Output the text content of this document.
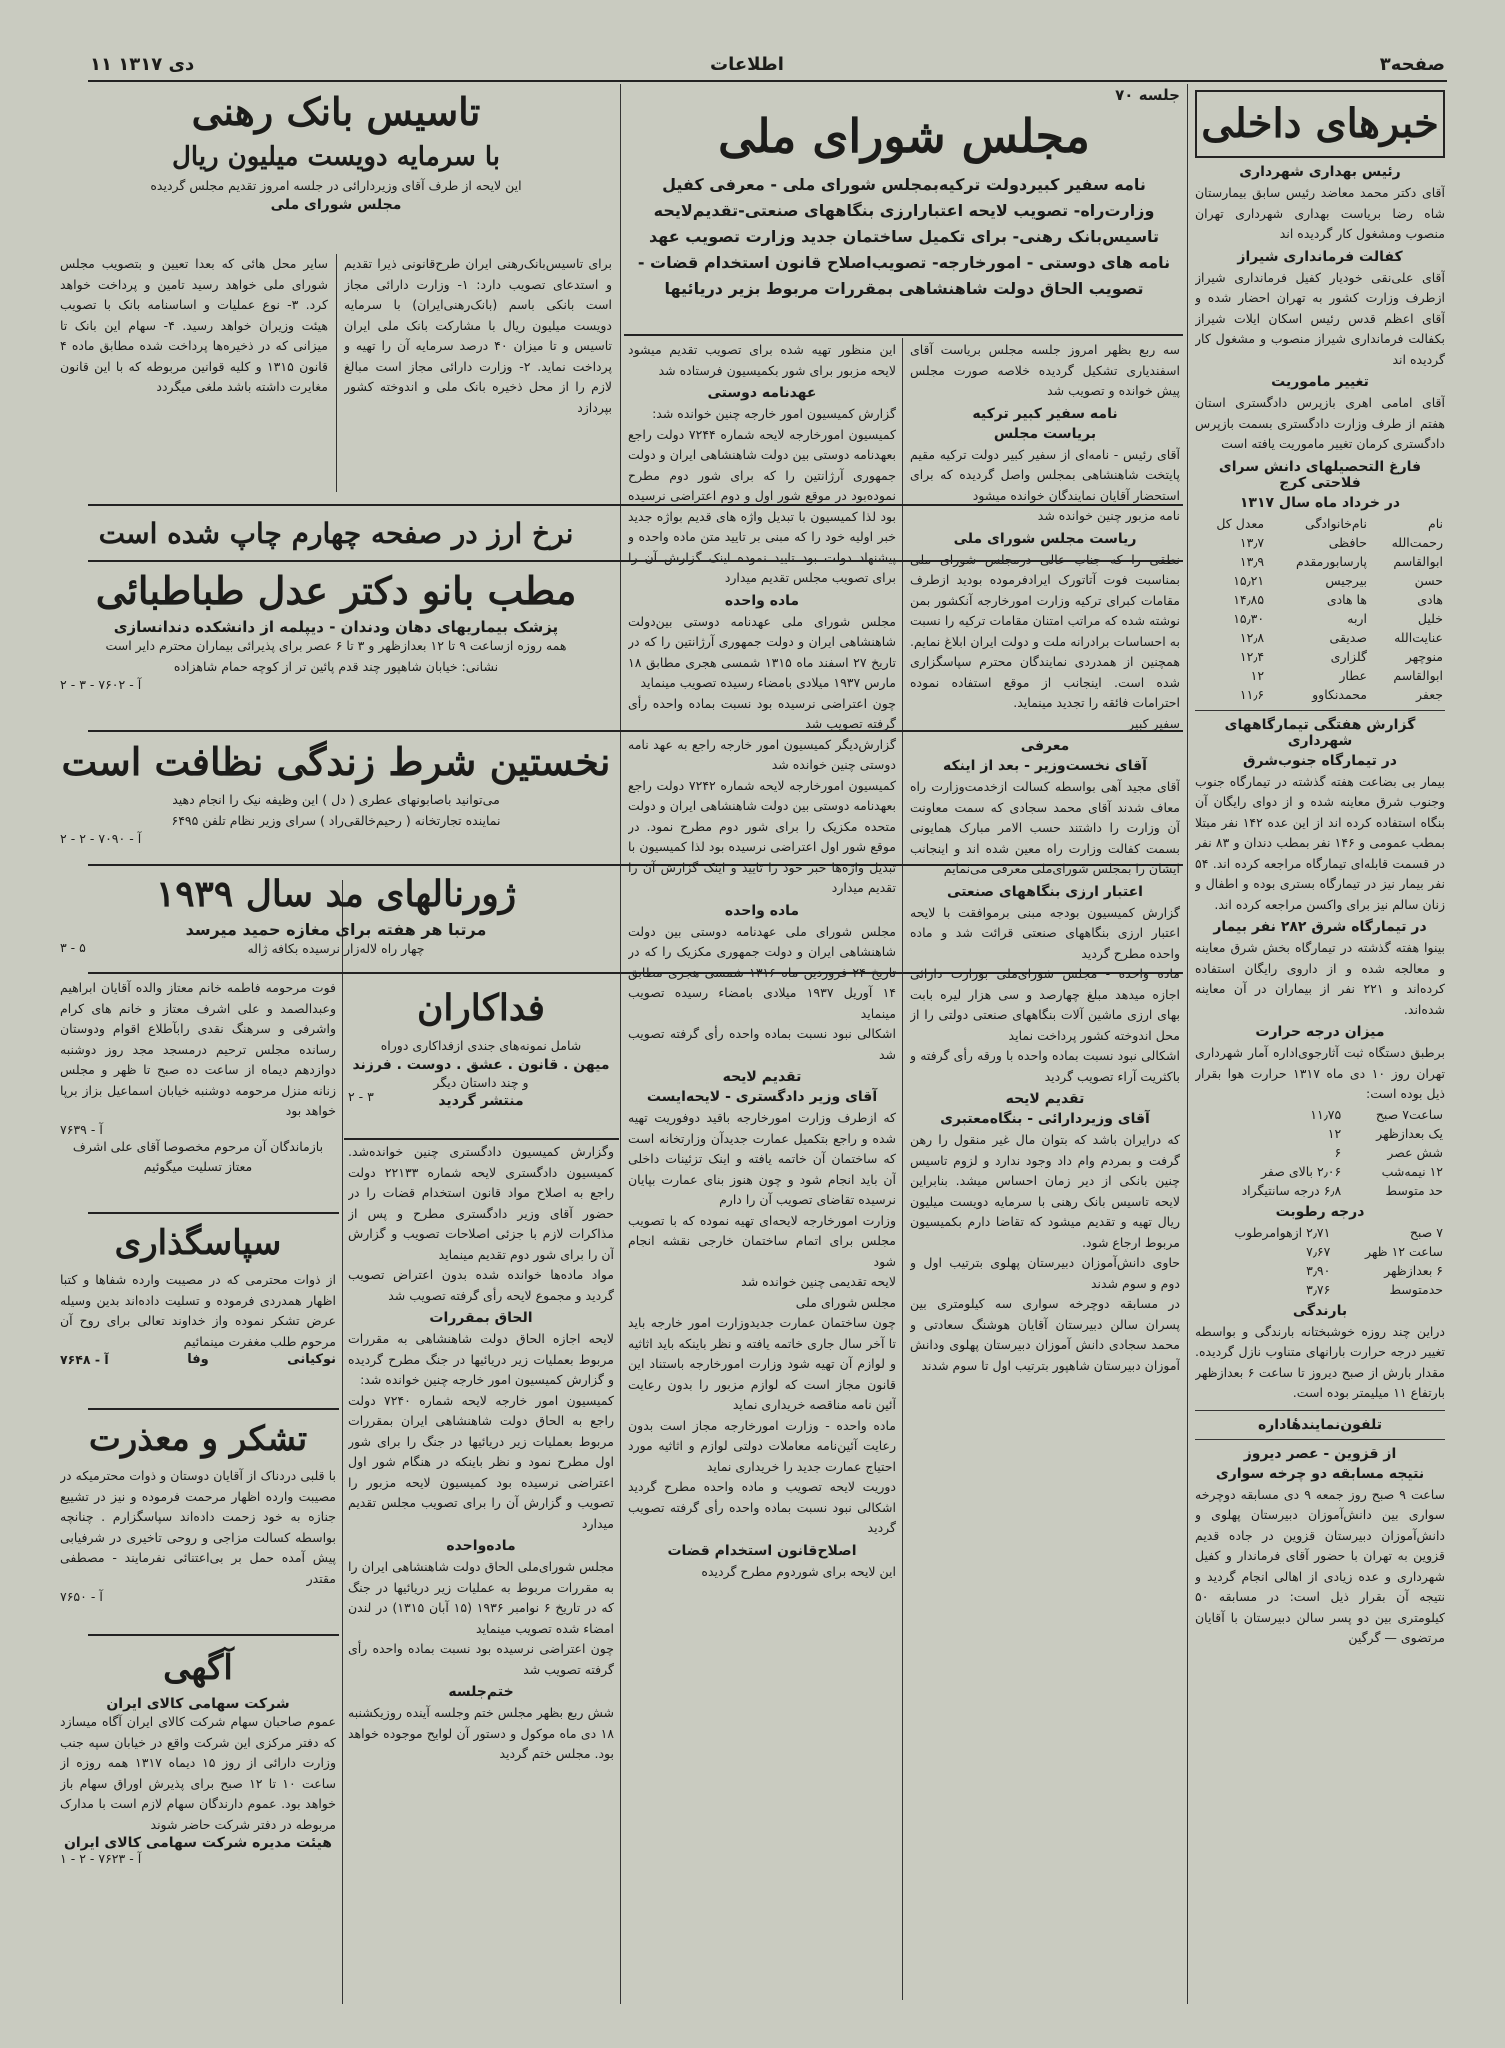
صفحه۳
اطلاعات
۱۱ دی ۱۳۱۷
خبرهای داخلی
رئیس بهداری شهرداری
آقای دکتر محمد معاضد رئیس سابق بیمارستان شاه رضا بریاست بهداری شهرداری تهران منصوب ومشغول کار گردیده اند
کفالت فرمانداری شیراز
آقای علی‌نقی خودیار کفیل فرمانداری شیراز ازطرف وزارت کشور به تهران احضار شده و آقای اعظم قدس رئیس اسکان ایلات شیراز بکفالت فرمانداری شیراز منصوب و مشغول کار گردیده اند
تغییر ماموریت
آقای امامی اهری بازپرس دادگستری استان هفتم از طرف وزارت دادگستری بسمت بازپرس دادگستری کرمان تغییر ماموریت یافته است
فارغ التحصیلهای دانش سرای فلاحتی کرج
در خرداد ماه سال ۱۳۱۷
نام	نام‌خانوادگی	معدل کل
رحمت‌الله	حافظی	۱۳٫۷
ابوالقاسم	پارسابورمقدم	۱۳٫۹
حسن	بیرجیس	۱۵٫۲۱
هادی	ها هادی	۱۴٫۸۵
خلیل	اربه	۱۵٫۳۰
عنایت‌الله	صدیقی	۱۲٫۸
منوچهر	گلزاری	۱۲٫۴
ابوالقاسم	عطار	۱۲
جعفر	محمدنکاوو	۱۱٫۶
گزارش هفتگی تیمارگاههای شهرداری
در تیمارگاه جنوب‌شرق
بیمار بی بضاعت هفته گذشته در تیمارگاه جنوب وجنوب شرق معاینه شده و از دوای رایگان آن بنگاه استفاده کرده اند از این عده ۱۴۲ نفر مبتلا بمطب عمومی و ۱۴۶ نفر بمطب دندان و ۸۳ نفر در قسمت قابله‌ای تیمارگاه مراجعه کرده اند. ۵۴ نفر بیمار نیز در تیمارگاه بستری بوده و اطفال و زنان سالم نیز برای واکسن مراجعه کرده اند.
در تیمارگاه شرق ۲۸۲ نفر بیمار
بینوا هفته گذشته در تیمارگاه بخش شرق معاینه و معالجه شده و از داروی رایگان استفاده کرده‌اند و ۲۲۱ نفر از بیماران در آن معاینه شده‌اند.
میزان درجه حرارت
برطبق دستگاه ثبت آثارجوی‌اداره آمار شهرداری تهران روز ۱۰ دی ماه ۱۳۱۷ حرارت هوا بقرار ذیل بوده است:
ساعت۷ صبح	۱۱٫۷۵
یک بعدازظهر	۱۲
شش عصر	۶
۱۲ نیمه‌شب	۲٫۰۶ بالای صفر
حد متوسط	۶٫۸ درجه سانتیگراد
درجه رطوبت
۷ صبح	۲٫۷۱ ازهوامرطوب
ساعت ۱۲ ظهر	۷٫۶۷
۶ بعدازظهر	۳٫۹۰
حدمتوسط	۳٫۷۶
بارندگی
دراین چند روزه خوشبختانه بارندگی و بواسطه تغییر درجه حرارت بارانهای متناوب نازل گردیده. مقدار بارش از صبح دیروز تا ساعت ۶ بعدازظهر بارتفاع ۱۱ میلیمتر بوده است.
تلفون‌نمایندهٔاداره
از قزوین - عصر دیروز
نتیجه مسابقه دو چرخه سواری
ساعت ۹ صبح روز جمعه ۹ دی مسابقه دوچرخه سواری بین دانش‌آموزان دبیرستان پهلوی و دانش‌آموزان دبیرستان قزوین در جاده قدیم قزوین به تهران با حضور آقای فرماندار و کفیل شهرداری و عده زیادی از اهالی انجام گردید و نتیجه آن بقرار ذیل است: در مسابقه ۵۰ کیلومتری بین دو پسر سالن دبیرستان با آقایان مرتضوی — گرگین
جلسه ۷۰
مجلس شورای ملی
نامه سفیر کبیردولت ترکیه‌بمجلس شورای ملی - معرفی کفیل وزارت‌راه- تصویب لایحه اعتبارارزی بنگاههای صنعتی-تقدیم‌لایحه تاسیس‌بانک رهنی- برای تکمیل ساختمان جدید وزارت تصویب عهد نامه های دوستی - امورخارجه- تصویب‌اصلاح قانون استخدام قضات - تصویب الحاق دولت شاهنشاهی بمقررات مربوط بزیر دریائیها
سه ربع بظهر امروز جلسه مجلس بریاست آقای اسفندیاری تشکیل گردیده خلاصه صورت مجلس پیش خوانده و تصویب شد
نامه سفیر کبیر ترکیه
بریاست مجلس
آقای رئیس - نامه‌ای از سفیر کبیر دولت ترکیه مقیم پایتخت شاهنشاهی بمجلس واصل گردیده که برای استحضار آقایان نمایندگان خوانده میشود
نامه مزبور چنین خوانده شد
ریاست مجلس شورای ملی
نطقی را که جناب عالی درمجلس شورای ملی بمناسبت فوت آتاتورک ایرادفرموده بودید ازطرف مقامات کبرای ترکیه وزارت امورخارجه آنکشور بمن نوشته شده که مراتب امتنان مقامات ترکیه را نسبت به احساسات برادرانه ملت و دولت ایران ابلاغ نمایم. همچنین از همدردی نمایندگان محترم سپاسگزاری شده است. اینجانب از موقع استفاده نموده احترامات فائقه را تجدید مینماید.
سفیر کبیر
معرفی
آقای نخست‌وزیر - بعد از اینکه
آقای مجید آهی بواسطه کسالت ازخدمت‌وزارت راه معاف شدند آقای محمد سجادی که سمت معاونت آن وزارت را داشتند حسب الامر مبارک همایونی بسمت کفالت وزارت راه معین شده اند و اینجانب ایشان را بمجلس شورای‌ملی معرفی می‌نمایم
اعتبار ارزی بنگاههای صنعتی
گزارش کمیسیون بودجه مبنی برموافقت با لایحه اعتبار ارزی بنگاههای صنعتی قرائت شد و ماده واحده مطرح گردید
ماده واحده - مجلس شورای‌ملی بوزارت دارائی اجازه میدهد مبلغ چهارصد و سی هزار لیره بابت بهای ارزی ماشین آلات بنگاههای صنعتی دولتی را از محل اندوخته کشور پرداخت نماید
اشکالی نبود نسبت بماده واحده با ورقه رأی گرفته و باکثریت آراء تصویب گردید
تقدیم لایحه
آقای وزیردارائی - بنگاه‌معتبری
که درایران باشد که بتوان مال غیر منقول را رهن گرفت و بمردم وام داد وجود ندارد و لزوم تاسیس چنین بانکی از دیر زمان احساس میشد. بنابراین لایحه تاسیس بانک رهنی با سرمایه دویست میلیون ریال تهیه و تقدیم میشود که تقاضا دارم بکمیسیون مربوط ارجاع شود.
حاوی دانش‌آموزان دبیرستان پهلوی بترتیب اول و دوم و سوم شدند
در مسابقه دوچرخه سواری سه کیلومتری بین پسران سالن دبیرستان آقایان هوشنگ سعادتی و محمد سجادی دانش آموزان دبیرستان پهلوی ودانش آموزان دبیرستان شاهپور بترتیب اول تا سوم شدند
این منظور تهیه شده برای تصویب تقدیم میشود لایحه مزبور برای شور بکمیسیون فرستاده شد
عهدنامه دوستی
گزارش کمیسیون امور خارجه چنین خوانده شد:
کمیسیون امورخارجه لایحه شماره ۷۲۴۴ دولت راجع بعهدنامه دوستی بین دولت شاهنشاهی ایران و دولت جمهوری آرژانتین را که برای شور دوم مطرح نموده‌بود در موقع شور اول و دوم اعتراضی نرسیده بود لذا کمیسیون با تبدیل واژه های قدیم بواژه جدید خبر اولیه خود را که مبنی بر تایید متن ماده واحده و پیشنهاد دولت بود تایید نموده اینک گزارش آن را برای تصویب مجلس تقدیم میدارد
ماده واحده
مجلس شورای ملی عهدنامه دوستی بین‌دولت شاهنشاهی ایران و دولت جمهوری آرژانتین را که در تاریخ ۲۷ اسفند ماه ۱۳۱۵ شمسی هجری مطابق ۱۸ مارس ۱۹۳۷ میلادی بامضاء رسیده تصویب مینماید
چون اعتراضی نرسیده بود نسبت بماده واحده رأی گرفته تصویب شد
گزارش‌دیگر کمیسیون امور خارجه راجع به عهد نامه دوستی چنین خوانده شد
کمیسیون امورخارجه لایحه شماره ۷۲۴۲ دولت راجع بعهدنامه دوستی بین دولت شاهنشاهی ایران و دولت متحده مکزیک را برای شور دوم مطرح نمود. در موقع شور اول اعتراضی نرسیده بود لذا کمیسیون با تبدیل واژه‌ها خبر خود را تایید و اینک گزارش آن را تقدیم میدارد
ماده واحده
مجلس شورای ملی عهدنامه دوستی بین دولت شاهنشاهی ایران و دولت جمهوری مکزیک را که در تاریخ ۲۴ فروردین ماه ۱۳۱۶ شمسی هجری مطابق ۱۴ آوریل ۱۹۳۷ میلادی بامضاء رسیده تصویب مینماید
اشکالی نبود نسبت بماده واحده رأی گرفته تصویب شد
تقدیم لایحه
آقای وزیر دادگستری - لایحه‌ایست
که ازطرف وزارت امورخارجه باقید دوفوریت تهیه شده و راجع بتکمیل عمارت جدیدآن وزارتخانه است که ساختمان آن خاتمه یافته و اینک تزئینات داخلی آن باید انجام شود و چون هنوز بنای عمارت بپایان نرسیده تقاضای تصویب آن را دارم
وزارت امورخارجه لایحه‌ای تهیه نموده که با تصویب مجلس برای اتمام ساختمان خارجی نقشه انجام شود
لایحه تقدیمی چنین خوانده شد
مجلس شورای ملی
چون ساختمان عمارت جدیدوزارت امور خارجه باید تا آخر سال جاری خاتمه یافته و نظر باینکه باید اثاثیه و لوازم آن تهیه شود وزارت امورخارجه باستناد این قانون مجاز است که لوازم مزبور را بدون رعایت آئین نامه مناقصه خریداری نماید
ماده واحده - وزارت امورخارجه مجاز است بدون رعایت آئین‌نامه معاملات دولتی لوازم و اثاثیه مورد احتیاج عمارت جدید را خریداری نماید
دوریت لایحه تصویب و ماده واحده مطرح گردید اشکالی نبود نسبت بماده واحده رأی گرفته تصویب گردید
اصلاح‌قانون استخدام قضات
این لایحه برای شوردوم مطرح گردیده
تاسیس بانک رهنی
با سرمایه دویست میلیون ریال
این لایحه از طرف آقای وزیردارائی در جلسه امروز تقدیم مجلس گردیده
مجلس شورای ملی
برای تاسیس‌بانک‌رهنی ایران طرح‌قانونی ذیرا تقدیم و استدعای تصویب دارد: ۱- وزارت دارائی مجاز است بانکی باسم (بانک‌رهنی‌ایران) با سرمایه دویست میلیون ریال با مشارکت بانک ملی ایران تاسیس و تا میزان ۴۰ درصد سرمایه آن را تهیه و پرداخت نماید. ۲- وزارت دارائی مجاز است مبالغ لازم را از محل ذخیره بانک ملی و اندوخته کشور بپردازد
سایر محل هائی که بعدا تعیین و بتصویب مجلس شورای ملی خواهد رسید تامین و پرداخت خواهد کرد. ۳- نوع عملیات و اساسنامه بانک با تصویب هیئت وزیران خواهد رسید. ۴- سهام این بانک تا میزانی که در ذخیره‌ها پرداخت شده مطابق ماده ۴ قانون ۱۳۱۵ و کلیه قوانین مربوطه که با این قانون مغایرت داشته باشد ملغی میگردد
نرخ ارز در صفحه چهارم چاپ شده است
مطب بانو دکتر عدل طباطبائی
پزشک بیماریهای دهان ودندان - دیپلمه از دانشکده دندانسازی
همه روزه ازساعت ۹ تا ۱۲ بعدازظهر و ۳ تا ۶ عصر برای پذیرائی بیماران محترم دایر است
نشانی: خیابان شاهپور چند قدم پائین تر از کوچه حمام شاهزاده
آ - ۷۶۰۲ - ۳ - ۲
نخستین شرط زندگی نظافت است
می‌توانید باصابونهای عطری ( دل ) این وظیفه نیک را انجام دهید
نماینده تجارتخانه ( رحیم‌خالقی‌راد ) سرای وزیر نظام تلفن ۶۴۹۵
آ - ۷۰۹۰ - ۲ - ۲
ژورنالهای مد سال ۱۹۳۹
مرتبا هر هفته برای مغازه حمید میرسد
چهار راه لاله‌زار نرسیده بکافه ژاله
۳ - ۵
فداکاران
شامل نمونه‌های جندی ازفداکاری دوراه
میهن . قانون . عشق . دوست . فرزند
و چند داستان دیگر
منتشر گردید
۲ - ۳
وگزارش کمیسیون دادگستری چنین خوانده‌شد. کمیسیون دادگستری لایحه شماره ۲۲۱۳۳ دولت راجع به اصلاح مواد قانون استخدام قضات را در حضور آقای وزیر دادگستری مطرح و پس از مذاکرات لازم با جزئی اصلاحات تصویب و گزارش آن را برای شور دوم تقدیم مینماید
مواد ماده‌ها خوانده شده بدون اعتراض تصویب گردید و مجموع لایحه رأی گرفته تصویب شد
الحاق بمقررات
لایحه اجازه الحاق دولت شاهنشاهی به مقررات مربوط بعملیات زیر دریائیها در جنگ مطرح گردیده و گزارش کمیسیون امور خارجه چنین خوانده شد:
کمیسیون امور خارجه لایحه شماره ۷۲۴۰ دولت راجع به الحاق دولت شاهنشاهی ایران بمقررات مربوط بعملیات زیر دریائیها در جنگ را برای شور اول مطرح نمود و نظر باینکه در هنگام شور اول اعتراضی نرسیده بود کمیسیون لایحه مزبور را تصویب و گزارش آن را برای تصویب مجلس تقدیم میدارد
ماده‌واحده
مجلس شورای‌ملی الحاق دولت شاهنشاهی ایران را به مقررات مربوط به عملیات زیر دریائیها در جنگ که در تاریخ ۶ نوامبر ۱۹۳۶ (۱۵ آبان ۱۳۱۵) در لندن امضاء شده تصویب مینماید
چون اعتراضی نرسیده بود نسبت بماده واحده رأی گرفته تصویب شد
ختم‌جلسه
شش ربع بظهر مجلس ختم وجلسه آینده روزیکشنبه ۱۸ دی ماه موکول و دستور آن لوایح موجوده خواهد بود. مجلس ختم گردید
فوت مرحومه فاطمه خانم معتاز والده آقایان ابراهیم وعبدالصمد و علی اشرف معتاز و خانم های کرام واشرفی و سرهنگ نقدی رابآطلاع اقوام ودوستان رسانده مجلس ترحیم درمسجد مجد روز دوشنبه دوازدهم دیماه از ساعت ده صبح تا ظهر و مجلس زنانه منزل مرحومه دوشنبه خیابان اسماعیل بزاز برپا خواهد بود
آ - ۷۶۳۹
بازماندگان آن مرحوم مخصوصا آقای علی اشرف معتاز تسلیت میگوئیم
سپاسگذاری
از ذوات محترمی که در مصیبت وارده شفاها و کتبا اظهار همدردی فرموده و تسلیت داده‌اند بدین وسیله عرض تشکر نموده واز خداوند تعالی برای روح آن مرحوم طلب مغفرت مینمائیم
نوکیانی
وفا
آ - ۷۶۴۸
تشکر و معذرت
با قلبی دردناک از آقایان دوستان و ذوات محترمیکه در مصیبت وارده اظهار مرحمت فرموده و نیز در تشییع جنازه به خود زحمت داده‌اند سپاسگزارم . چنانچه بواسطه کسالت مزاجی و روحی تاخیری در شرفیابی پیش آمده حمل بر بی‌اعتنائی نفرمایند - مصطفی مقتدر
آ - ۷۶۵۰
آگهی
شرکت سهامی کالای ایران
عموم صاحبان سهام شرکت کالای ایران آگاه میسازد که دفتر مرکزی این شرکت واقع در خیابان سپه جنب وزارت دارائی از روز ۱۵ دیماه ۱۳۱۷ همه روزه از ساعت ۱۰ تا ۱۲ صبح برای پذیرش اوراق سهام باز خواهد بود. عموم دارندگان سهام لازم است با مدارک مربوطه در دفتر شرکت حاضر شوند
هیئت مدیره شرکت سهامی کالای ایران
آ - ۷۶۲۳ - ۲ - ۱
